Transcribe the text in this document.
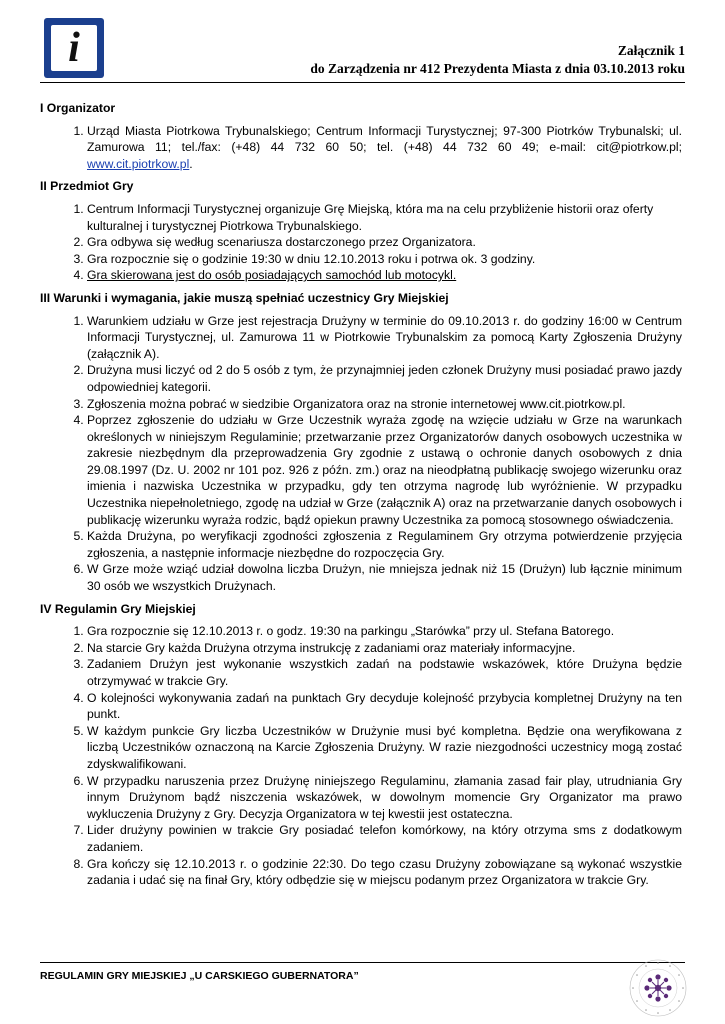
i	Załącznik 1
do Zarządzenia nr 412 Prezydenta Miasta z dnia 03.10.2013 roku
I Organizator
1. Urząd Miasta Piotrkowa Trybunalskiego; Centrum Informacji Turystycznej; 97-300 Piotrków Trybunalski; ul. Zamurowa 11; tel./fax: (+48) 44 732 60 50; tel. (+48) 44 732 60 49; e-mail: cit@piotrkow.pl; www.cit.piotrkow.pl.
II Przedmiot Gry
1. Centrum Informacji Turystycznej organizuje Grę Miejską, która ma na celu przybliżenie historii oraz oferty kulturalnej i turystycznej Piotrkowa Trybunalskiego.
2. Gra odbywa się według scenariusza dostarczonego przez Organizatora.
3. Gra rozpocznie się o godzinie 19:30 w dniu 12.10.2013 roku i potrwa ok. 3 godziny.
4. Gra skierowana jest do osób posiadających samochód lub motocykl.
III Warunki i wymagania, jakie muszą spełniać uczestnicy Gry Miejskiej
1. Warunkiem udziału w Grze jest rejestracja Drużyny w terminie do 09.10.2013 r. do godziny 16:00 w Centrum Informacji Turystycznej, ul. Zamurowa 11 w Piotrkowie Trybunalskim za pomocą Karty Zgłoszenia Drużyny (załącznik A).
2. Drużyna musi liczyć od 2 do 5 osób z tym, że przynajmniej jeden członek Drużyny musi posiadać prawo jazdy odpowiedniej kategorii.
3. Zgłoszenia można pobrać w siedzibie Organizatora oraz na stronie internetowej www.cit.piotrkow.pl.
4. Poprzez zgłoszenie do udziału w Grze Uczestnik wyraża zgodę na wzięcie udziału w Grze na warunkach określonych w niniejszym Regulaminie; przetwarzanie przez Organizatorów danych osobowych uczestnika w zakresie niezbędnym dla przeprowadzenia Gry zgodnie z ustawą o ochronie danych osobowych z dnia 29.08.1997 (Dz. U. 2002 nr 101 poz. 926 z późn. zm.) oraz na nieodpłatną publikację swojego wizerunku oraz imienia i nazwiska Uczestnika w przypadku, gdy ten otrzyma nagrodę lub wyróżnienie. W przypadku Uczestnika niepełnoletniego, zgodę na udział w Grze (załącznik A) oraz na przetwarzanie danych osobowych i publikację wizerunku wyraża rodzic, bądź opiekun prawny Uczestnika za pomocą stosownego oświadczenia.
5. Każda Drużyna, po weryfikacji zgodności zgłoszenia z Regulaminem Gry otrzyma potwierdzenie przyjęcia zgłoszenia, a następnie informacje niezbędne do rozpoczęcia Gry.
6. W Grze może wziąć udział dowolna liczba Drużyn, nie mniejsza jednak niż 15 (Drużyn) lub łącznie minimum 30 osób we wszystkich Drużynach.
IV Regulamin Gry Miejskiej
1. Gra rozpocznie się 12.10.2013 r. o godz. 19:30 na parkingu „Starówka” przy ul. Stefana Batorego.
2. Na starcie Gry każda Drużyna otrzyma instrukcję z zadaniami oraz materiały informacyjne.
3. Zadaniem Drużyn jest wykonanie wszystkich zadań na podstawie wskazówek, które Drużyna będzie otrzymywać w trakcie Gry.
4. O kolejności wykonywania zadań na punktach Gry decyduje kolejność przybycia kompletnej Drużyny na ten punkt.
5. W każdym punkcie Gry liczba Uczestników w Drużynie musi być kompletna. Będzie ona weryfikowana z liczbą Uczestników oznaczoną na Karcie Zgłoszenia Drużyny. W razie niezgodności uczestnicy mogą zostać zdyskwalifikowani.
6. W przypadku naruszenia przez Drużynę niniejszego Regulaminu, złamania zasad fair play, utrudniania Gry innym Drużynom bądź niszczenia wskazówek, w dowolnym momencie Gry Organizator ma prawo wykluczenia Drużyny z Gry. Decyzja Organizatora w tej kwestii jest ostateczna.
7. Lider drużyny powinien w trakcie Gry posiadać telefon komórkowy, na który otrzyma sms z dodatkowym zadaniem.
8. Gra kończy się 12.10.2013 r. o godzinie 22:30. Do tego czasu Drużyny zobowiązane są wykonać wszystkie zadania i udać się na finał Gry, który odbędzie się w miejscu podanym przez Organizatora w trakcie Gry.
REGULAMIN GRY MIEJSKIEJ „U CARSKIEGO GUBERNATORA”
